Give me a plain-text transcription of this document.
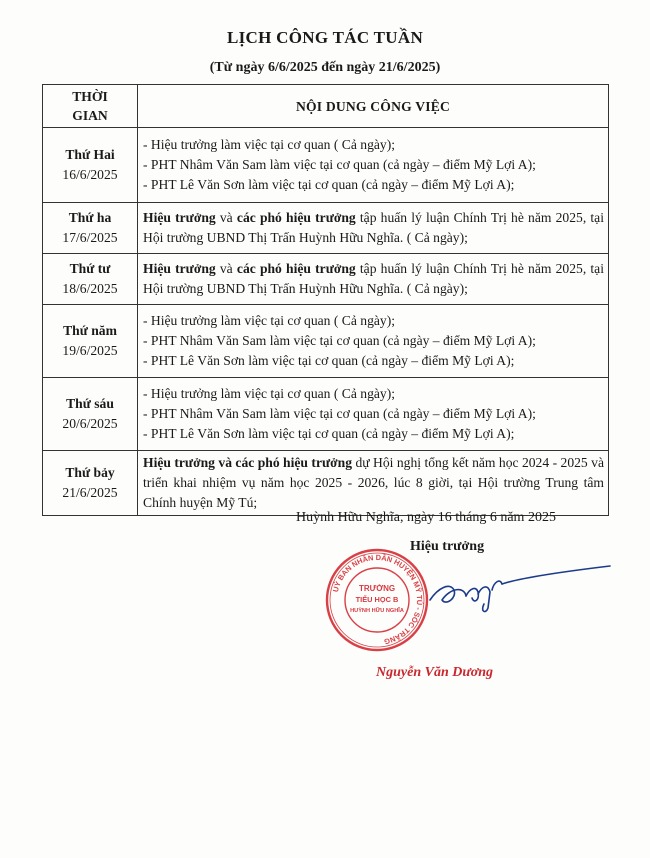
LỊCH CÔNG TÁC TUẦN
(Từ ngày 6/6/2025 đến ngày 21/6/2025)
THỜI
GIAN	NỘI DUNG CÔNG VIỆC

Thứ Hai
16/6/2025	- Hiệu trưởng làm việc tại cơ quan ( Cả ngày);
- PHT Nhâm Văn Sam làm việc tại cơ quan (cả ngày – điểm Mỹ Lợi A);
- PHT Lê Văn Sơn làm việc tại cơ quan (cả ngày – điểm Mỹ Lợi A);

Thứ ha
17/6/2025	Hiệu trưởng và các phó hiệu trưởng tập huấn lý luận Chính Trị hè năm 2025, tại Hội trường UBND Thị Trấn Huỳnh Hữu Nghĩa. ( Cả ngày);

Thứ tư
18/6/2025	Hiệu trưởng và các phó hiệu trưởng tập huấn lý luận Chính Trị hè năm 2025, tại Hội trường UBND Thị Trấn Huỳnh Hữu Nghĩa. ( Cả ngày);

Thứ năm
19/6/2025	- Hiệu trưởng làm việc tại cơ quan ( Cả ngày);
- PHT Nhâm Văn Sam làm việc tại cơ quan (cả ngày – điểm Mỹ Lợi A);
- PHT Lê Văn Sơn làm việc tại cơ quan (cả ngày – điểm Mỹ Lợi A);

Thứ sáu
20/6/2025	- Hiệu trưởng làm việc tại cơ quan ( Cả ngày);
- PHT Nhâm Văn Sam làm việc tại cơ quan (cả ngày – điểm Mỹ Lợi A);
- PHT Lê Văn Sơn làm việc tại cơ quan (cả ngày – điểm Mỹ Lợi A);

Thứ bảy
21/6/2025	Hiệu trưởng và các phó hiệu trưởng dự Hội nghị tổng kết năm học 2024 - 2025 và triển khai nhiệm vụ năm học 2025 - 2026, lúc 8 giời, tại Hội trường Trung tâm Chính huyện Mỹ Tú;
Huỳnh Hữu Nghĩa, ngày 16 tháng 6 năm 2025
Hiệu trưởng
UỶ BAN NHÂN DÂN HUYỆN MỸ TÚ - SÓC TRĂNG
TRƯỜNG
TIỂU HỌC B
HUỲNH HỮU NGHĨA
Nguyễn Văn Dương
